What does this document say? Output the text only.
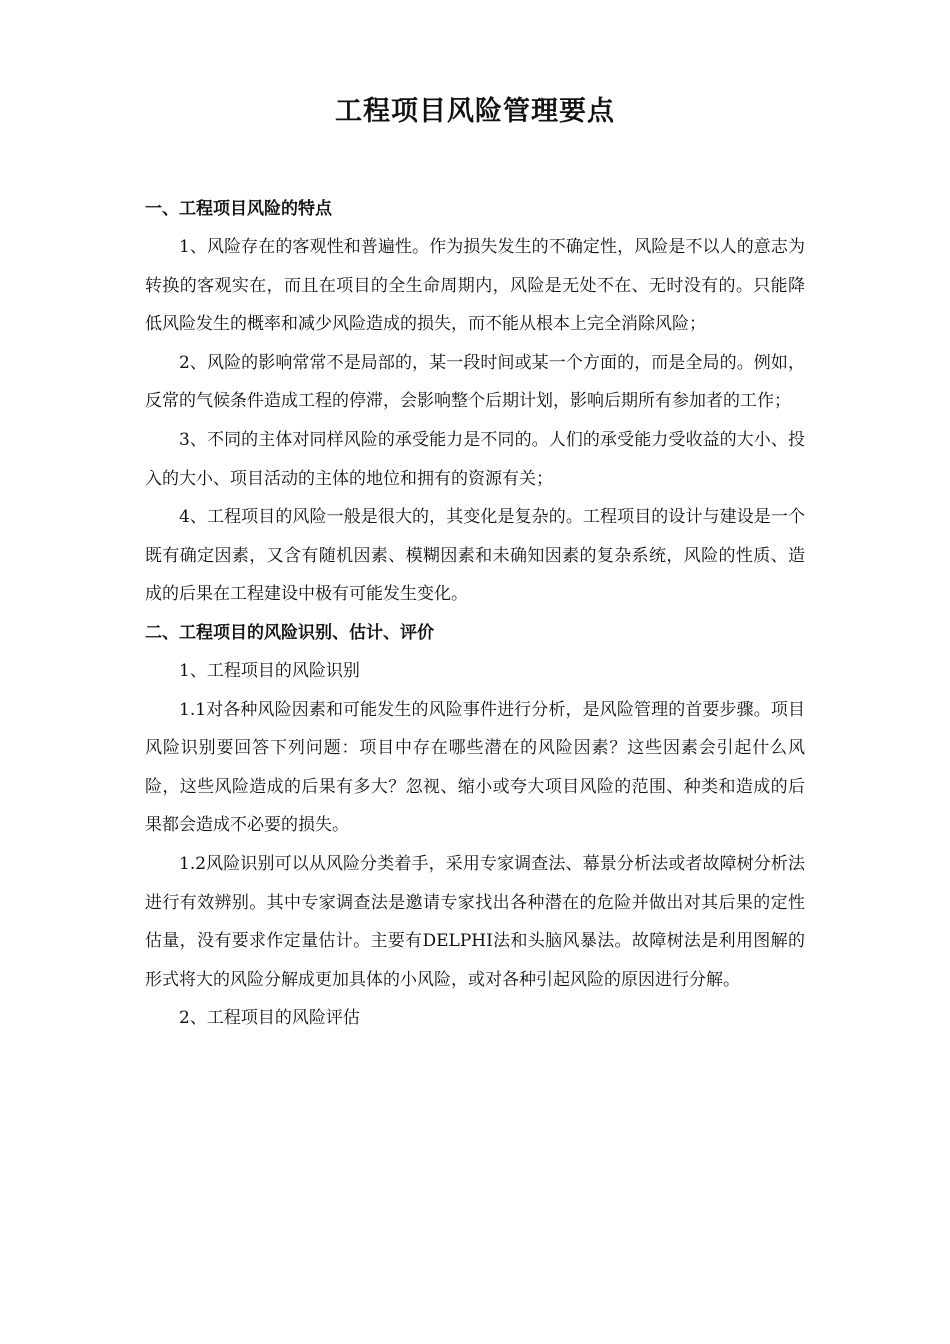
工程项目风险管理要点
一、工程项目风险的特点

1、风险存在的客观性和普遍性。作为损失发生的不确定性，风险是不以人的意志为转换的客观实在，而且在项目的全生命周期内，风险是无处不在、无时没有的。只能降低风险发生的概率和减少风险造成的损失，而不能从根本上完全消除风险；

2、风险的影响常常不是局部的，某一段时间或某一个方面的，而是全局的。例如，反常的气候条件造成工程的停滞，会影响整个后期计划，影响后期所有参加者的工作；

3、不同的主体对同样风险的承受能力是不同的。人们的承受能力受收益的大小、投入的大小、项目活动的主体的地位和拥有的资源有关；

4、工程项目的风险一般是很大的，其变化是复杂的。工程项目的设计与建设是一个既有确定因素，又含有随机因素、模糊因素和未确知因素的复杂系统，风险的性质、造成的后果在工程建设中极有可能发生变化。

二、工程项目的风险识别、估计、评价

1、工程项目的风险识别

1.1对各种风险因素和可能发生的风险事件进行分析，是风险管理的首要步骤。项目风险识别要回答下列问题：项目中存在哪些潜在的风险因素？这些因素会引起什么风险，这些风险造成的后果有多大？忽视、缩小或夸大项目风险的范围、种类和造成的后果都会造成不必要的损失。

1.2风险识别可以从风险分类着手，采用专家调查法、幕景分析法或者故障树分析法进行有效辨别。其中专家调查法是邀请专家找出各种潜在的危险并做出对其后果的定性估量，没有要求作定量估计。主要有DELPHI法和头脑风暴法。故障树法是利用图解的形式将大的风险分解成更加具体的小风险，或对各种引起风险的原因进行分解。

2、工程项目的风险评估
